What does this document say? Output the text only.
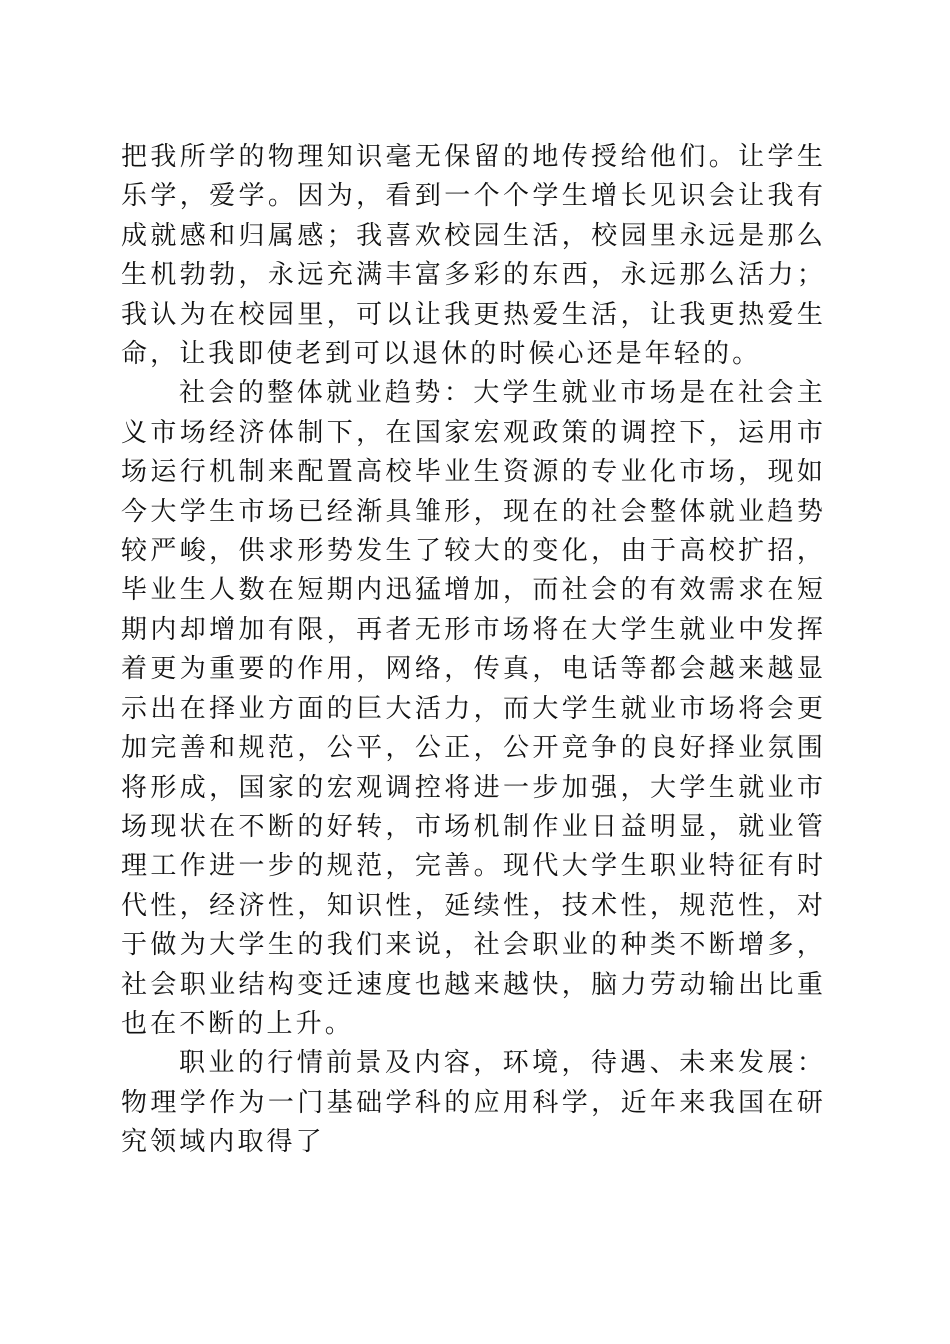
把我所学的物理知识毫无保留的地传授给他们。让学生乐学，爱学。因为，看到一个个学生增长见识会让我有成就感和归属感；我喜欢校园生活，校园里永远是那么生机勃勃，永远充满丰富多彩的东西，永远那么活力；我认为在校园里，可以让我更热爱生活，让我更热爱生命，让我即使老到可以退休的时候心还是年轻的。

社会的整体就业趋势：大学生就业市场是在社会主义市场经济体制下，在国家宏观政策的调控下，运用市场运行机制来配置高校毕业生资源的专业化市场，现如今大学生市场已经渐具雏形，现在的社会整体就业趋势较严峻，供求形势发生了较大的变化，由于高校扩招，毕业生人数在短期内迅猛增加，而社会的有效需求在短期内却增加有限，再者无形市场将在大学生就业中发挥着更为重要的作用，网络，传真，电话等都会越来越显示出在择业方面的巨大活力，而大学生就业市场将会更加完善和规范，公平，公正，公开竞争的良好择业氛围将形成，国家的宏观调控将进一步加强，大学生就业市场现状在不断的好转，市场机制作业日益明显，就业管理工作进一步的规范，完善。现代大学生职业特征有时代性，经济性，知识性，延续性，技术性，规范性，对于做为大学生的我们来说，社会职业的种类不断增多，社会职业结构变迁速度也越来越快，脑力劳动输出比重也在不断的上升。

职业的行情前景及内容，环境，待遇、未来发展：物理学作为一门基础学科的应用科学，近年来我国在研究领域内取得了
